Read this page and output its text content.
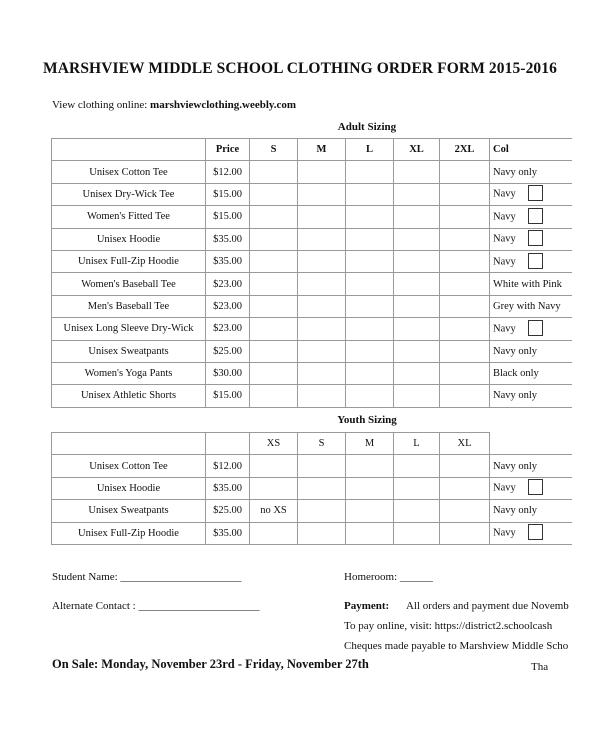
MARSHVIEW MIDDLE SCHOOL CLOTHING ORDER FORM 2015-2016
View clothing online: marshviewclothing.weebly.com
Adult Sizing
	Price	S	M	L	XL	2XL	Col
Unisex Cotton Tee	$12.00						Navy only
Unisex Dry-Wick Tee	$15.00						Navy
Women's Fitted Tee	$15.00						Navy
Unisex Hoodie	$35.00						Navy
Unisex Full-Zip Hoodie	$35.00						Navy
Women's Baseball Tee	$23.00						White with Pink
Men's Baseball Tee	$23.00						Grey with Navy
Unisex Long Sleeve Dry-Wick	$23.00						Navy
Unisex Sweatpants	$25.00						Navy only
Women's Yoga Pants	$30.00						Black only
Unisex Athletic Shorts	$15.00						Navy only
Youth Sizing
		XS	S	M	L	XL	
Unisex Cotton Tee	$12.00						Navy only
Unisex Hoodie	$35.00						Navy
Unisex Sweatpants	$25.00	no XS					Navy only
Unisex Full-Zip Hoodie	$35.00						Navy
Student Name: ______________________
Alternate Contact : ______________________
Homeroom: ______
Payment: All orders and payment due Novemb
To pay online, visit: https://district2.schoolcash
Cheques made payable to Marshview Middle Scho
On Sale: Monday, November 23rd - Friday, November 27th	Tha
